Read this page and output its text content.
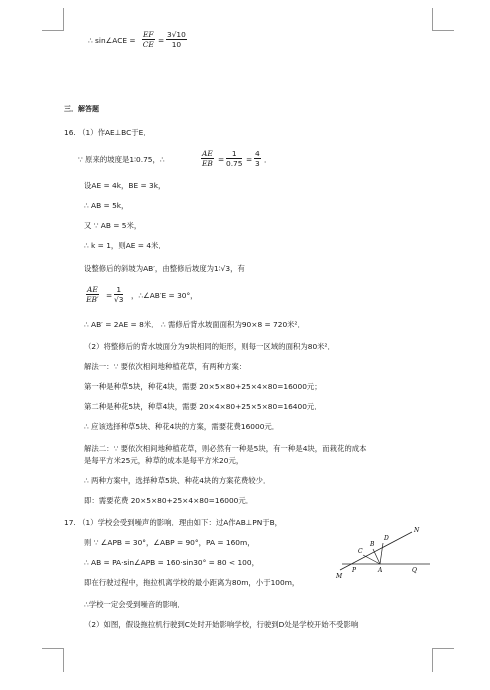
∴ sin∠ACE = $\frac{EF}{CE} = \frac{3√10}{10}$
三．解答题
16. （1）作AE⊥BC于E．
∵ 原来的坡度是1∶0.75，∴	$\frac{AE}{EB} = \frac{1}{0.75} = \frac{4}{3}$ ．
设AE = 4k，BE = 3k，
∴ AB = 5k，
又 ∵ AB = 5米，
∴ k = 1，则AE = 4米．
设整修后的斜坡为AB′，由整修后坡度为1∶√3，有
$\frac{AE}{EB'} = \frac{1}{√3}$ ，∴∠AB′E = 30°，
∴ AB′ = 2AE = 8米． ∴ 需修后背水坡面面积为90×8 = 720米²．
（2）将整修后的背水坡面分为9块相同的矩形，则每一区域的面积为80米²．
解法一：∵ 要依次相间地种植花草，有两种方案：
第一种是种草5块，种花4块，需要 20×5×80+25×4×80=16000元；
第二种是种花5块，种草4块，需要 20×4×80+25×5×80=16400元．
∴ 应该选择种草5块、种花4块的方案，需要花费16000元．
解法二：∵ 要依次相间地种植花草，则必然有一种是5块，有一种是4块，而栽花的成本
是每平方米25元，种草的成本是每平方米20元，
∴ 两种方案中，选择种草5块、种花4块的方案花费较少．
即：需要花费 20×5×80+25×4×80=16000元．
17. （1）学校会受到噪声的影响．理由如下：过A作AB⊥PN于B，
则 ∵ ∠APB = 30°，∠ABP = 90°，PA = 160m，
∴ AB = PA·sin∠APB = 160·sin30° = 80 < 100，
即在行驶过程中，拖拉机离学校的最小距离为80m，小于100m，
∴学校一定会受到噪音的影响．
（2）如图，假设拖拉机行驶到C处时开始影响学校，行驶到D处是学校开始不受影响
N
D
B
C
M
P	A	Q
